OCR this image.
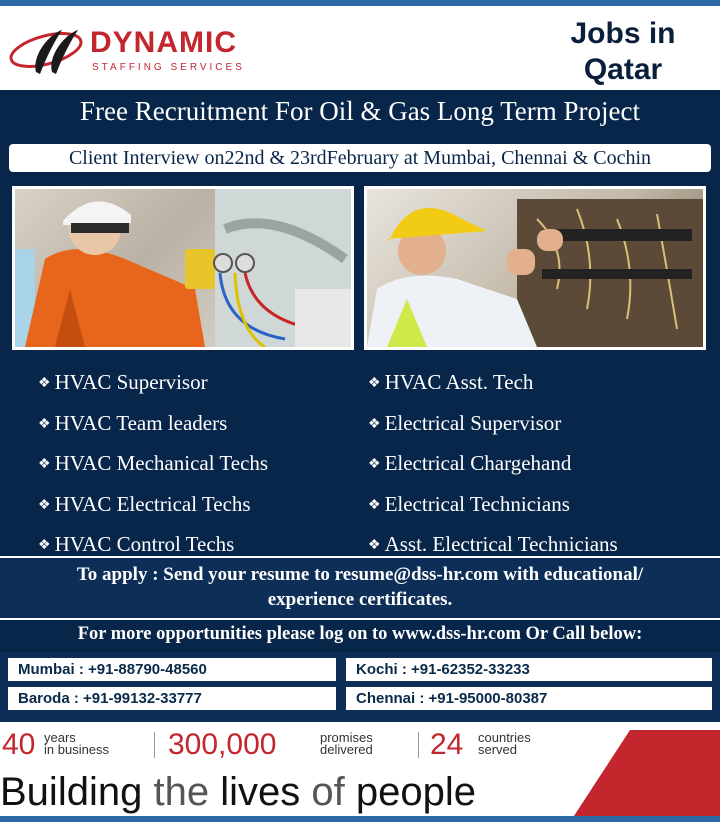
DYNAMIC
STAFFING SERVICES
Jobs in
Qatar
Free Recruitment For Oil & Gas Long Term Project
Client Interview on22nd & 23rdFebruary at Mumbai, Chennai & Cochin
❖ HVAC Supervisor
❖ HVAC Team leaders
❖ HVAC Mechanical Techs
❖ HVAC Electrical Techs
❖ HVAC Control Techs
❖ HVAC Asst. Tech
❖ Electrical Supervisor
❖ Electrical Chargehand
❖ Electrical Technicians
❖ Asst. Electrical Technicians
To apply : Send your resume to resume@dss-hr.com with educational/
experience certificates.
For more opportunities please log on to www.dss-hr.com Or Call below:
Mumbai : +91-88790-48560	Kochi : +91-62352-33233
Baroda : +91-99132-33777	Chennai : +91-95000-80387
40 years
in business 300,000	promises
delivered 24 countries
served
Building the lives of people
